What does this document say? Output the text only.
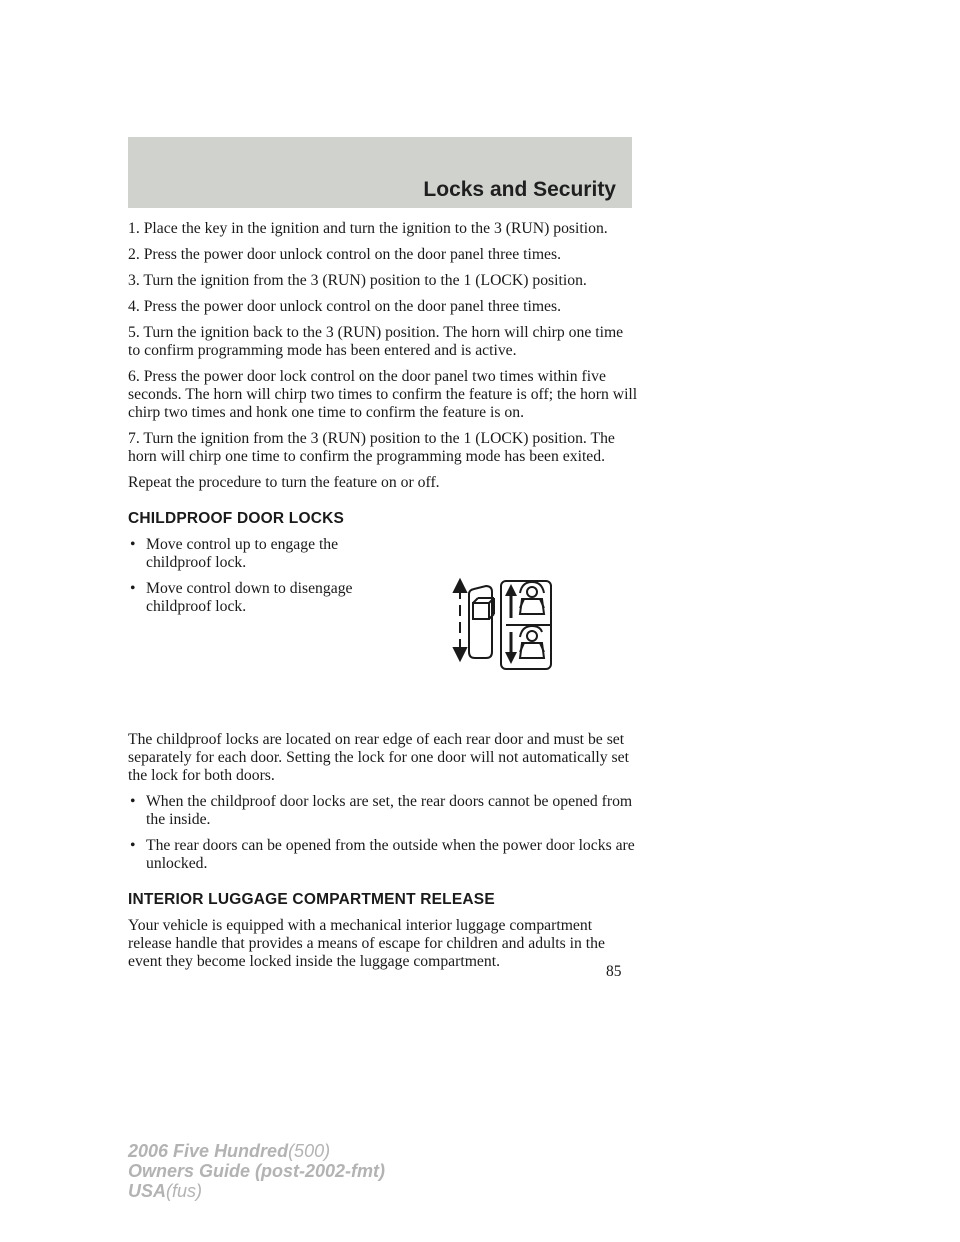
Locks and Security

1. Place the key in the ignition and turn the ignition to the 3 (RUN) position.

2. Press the power door unlock control on the door panel three times.

3. Turn the ignition from the 3 (RUN) position to the 1 (LOCK) position.

4. Press the power door unlock control on the door panel three times.

5. Turn the ignition back to the 3 (RUN) position. The horn will chirp one time to confirm programming mode has been entered and is active.

6. Press the power door lock control on the door panel two times within five seconds. The horn will chirp two times to confirm the feature is off; the horn will chirp two times and honk one time to confirm the feature is on.

7. Turn the ignition from the 3 (RUN) position to the 1 (LOCK) position. The horn will chirp one time to confirm the programming mode has been exited.

Repeat the procedure to turn the feature on or off.

CHILDPROOF DOOR LOCKS
• Move control up to engage the childproof lock.
• Move control down to disengage childproof lock.

The childproof locks are located on rear edge of each rear door and must be set separately for each door. Setting the lock for one door will not automatically set the lock for both doors.

• When the childproof door locks are set, the rear doors cannot be opened from the inside.
• The rear doors can be opened from the outside when the power door locks are unlocked.
INTERIOR LUGGAGE COMPARTMENT RELEASE

Your vehicle is equipped with a mechanical interior luggage compartment release handle that provides a means of escape for children and adults in the event they become locked inside the luggage compartment.

85

2006 Five Hundred(500)
Owners Guide (post-2002-fmt)
USA(fus)
